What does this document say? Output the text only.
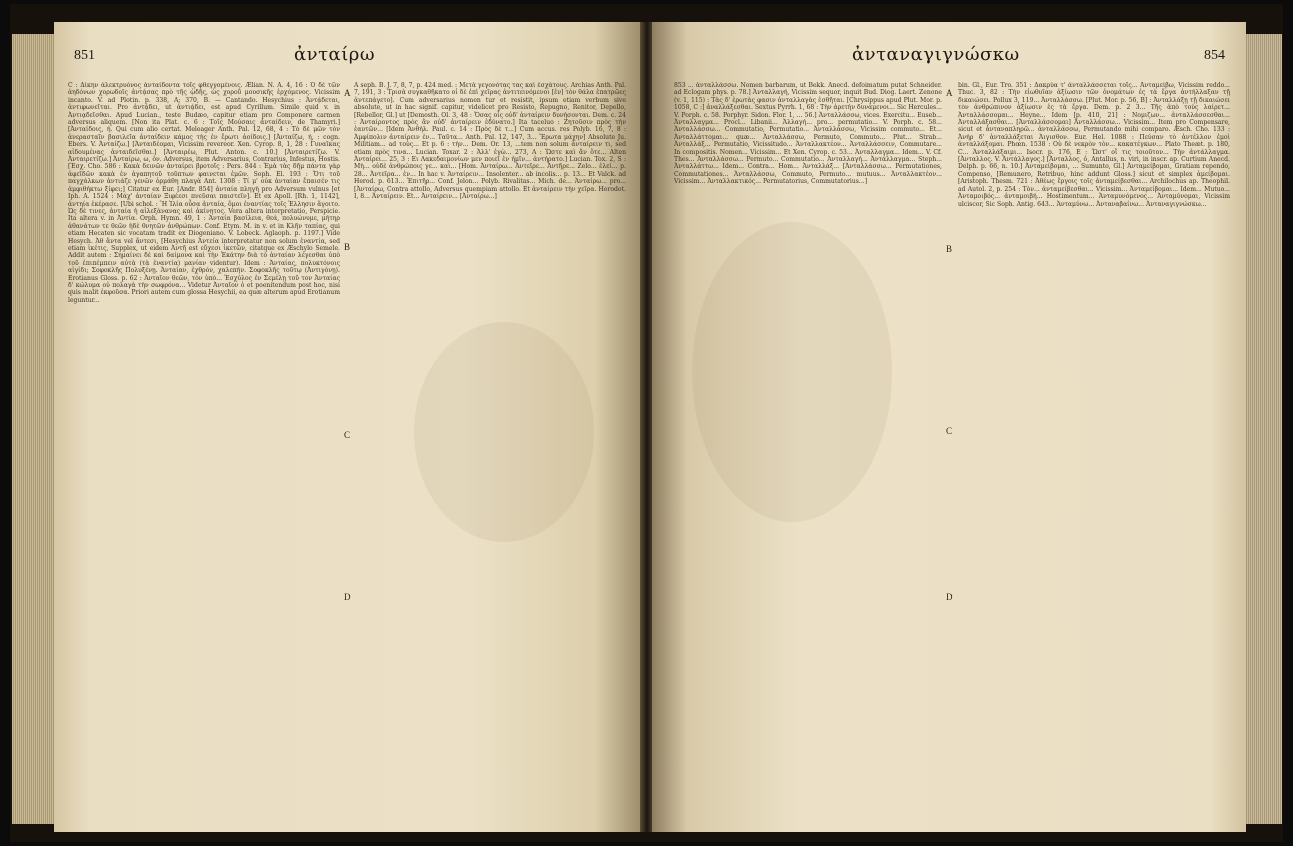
851	ἀνταίρω

C : Δίκην ἀλεκτρυόνος ἀνταίδοντα τοῖς φθεγγομένοις. Ælian. N. A. 4, 16 : Ὁ δὲ τῶν ἀηδόνων χορωδοῖς ἀντᾴσας πρὸ τῆς ᾠδῆς, ὡς χοροῦ μουσικῆς ἐρχόμενος. Vicissim incanto. V. ad Plotin. p. 338, A; 370, B. — Cantando. Hesychius : Ἀντᾴδεται, ἀντιφωνεῖται. Pro ἀντᾴδει, ut ἀντιᾴδει, est apud Cyrillum. Simile quid v. in Ἀντιᾳδεῖσθαι. Apud Lucian., teste Budæo, capitur etiam pro Componere carmen adversus aliquem. [Non ita Plat. c. 6 : Τοῖς Μούσαις ἀνταίδειν, de Thamyri.] [Ἀνταίδοις, ή. Qui cum alio certat. Meleager Anth. Pal. 12, 68, 4 : Τὸ δὲ μῶν τὸν ἀνερασταῖν βασιλεῖα ἀνταίδειν κάμος τὴς ἐν ἔρωτι ἀοίδοις.] [Ἀνταίζω, ή, : cogn. Ebers. V. Ἀνταίζω.] [Ἀνταιδέομαι, Vicissim revereor. Xen. Cyrop. 8, 1, 28 : Γυναῖκας αἰδουμένας ἀνταιδεῖσθαι.] [Ἀνταιρέω, Plut. Anton. c. 10.] [Ἀνταιρετίζω. V. Ἀνταιρετίζω.] Ἀνταίρω, ω, ὁν. Adversus, item Adversarius, Contrarius, Infestus, Hostis. [Ἐσχ. Cho. 586 : Κακὰ δεινῶν ἀνταίρει βροτοῖς : Pers. 844 : Ἐμὰ τὰς δῆμ πάντα γὰρ ἀφεῖδῶν κακὰ ἐν ἀγαπητοῦ τοῦπτων φαινεται ἐμῶν. Soph. El. 193 : Ὅτι τοῦ παγχάλκων ἀντιάζε γενῶν ὁρμάθη πλαγὰ Ant. 1308 : Τί μ' οὐκ ἀνταίαν ἔπαισέν τις ἀμφιθήκτω ξίφει;] Citatur ex Eur. [Andr. 854] ἀνταία πληγὴ pro Adversum vulnus [et Iph. A. 1524 : Μάχ' ἀνταίαν Ξιφέεσι πνεῦσαι παιστεῖν]. Et ex Apoll. [Rh. 1, 1142], ἀντηία ἐκέρασε. [Ubi schol. : Ἢ Ἰλία οὖσα ἀνταία, ὅμοι ἐναντίας τοῖς Ἑλλησιν ἄγοιτο. Ὡς δὲ τινες, ἀνταία ἡ αἰλεξὰνανας καὶ ἀκίνητος. Vera altera interpretatio, Perspicie. Ita altera v. in Ἀντία. Orph. Hymn. 49, 1 : Ἀνταία βασίλεια, θεά, πολυώνυμε, μήτηρ ἀθανάτων τε θεῶν ἠδὲ θνητῶν ἀνθρώπων. Conf. Etym. M. in v. et in Κλῆν ταπίας, qui etiam Hecaten sic vocatam tradit ex Diogeniano. V. Lobeck. Aglaoph. p. 1197.] Vide Hesych. Ἀθ ἄντα vel ἄντεσι, [Hesychius Ἀντεία interpretatur non solum ἐναντία, sed etiam ἱκέτις, Supplex, ut eidem Ἀντῆ est εὔχεσι ἱκετῶν, citatque ex Æschylo Semele. Addit autem : Σημαίνει δὲ καὶ δαίμονα καὶ τὴν Ἑκάτην διὰ τὸ ἀνταίαν λέγεσθαι ὑπὸ τοῦ ἐπιπέμπειν αὐτὰ (τὰ ἐναντία) μανίαν videntur). Idem : Ἀνταίας, πολυκτόνοις αἰγίδι; Σοφοκλῆς Πολυξένῃ. Ἀνταίαν, ἐχθρόν, χαλεπήν. Σοφοκλῆς τοῦτῳ (Ἀντιγόνῃ). Erotianus Gloss. p. 62 : Ἀνταῖον θεῶν, τὸν ὑπὸ... Ἐσχύλος ἐν Σεμέλῃ τοῦ τον Ἀνταίας δ' κώλυμα οὐ πολαγὰ τὴν σωφρόνα... Videtur Ἀνταῖον ὁ et poenitendum post hoc, nisi quis malit ἐκφοῦσα. Priori autem cum glossa Hesychii, ea quæ alterum apud Erotianum leguntur...

A seph. B. J. 7, 8, 7, p. 424 med. : Μετὰ γεγονότας τας καὶ ἐσχάτους. Archias Anth. Pal. 7, 191, 3 : Τρισὰ συγκαθῆκατο οἱ δὲ ἐπὶ χεῖρας ἀντιτεινόμενοι [ἐν] τὸν θάλα ἐπατρῶες ἀντεπάγετο]. Cum adversarius nomen tur et resistit, ipsum etiam verbum sive absolute, ut in hac signif. capitur, videlicet pro Resisto, Repugno, Renitor, Depello, [Rebellor, Gl.] ut [Demosth. Ol. 3, 48 : Ὅσας οἷς οὐδ' ἀνταίρειν δυνήσονται. Dem. c. 24 : Ἀνταίροντος πρὸς ἃν οὐδ' ἀνταίρειν ἐδύνατο.] Ita taceluo : Ζητοῦσιν πρὸς τὴν ἑαυτῶν... [Idem Ἀνθήλ. Paul. c. 14 : Πρὸς δὲ τ...] Cum accus. res Polyb. 16, 7, 8 : Ἀμφίπολιν ἀνταίρειν ἐν... Ταῦτα... Anth. Pal. 12, 147, 3... Ἔρωτα μάχην] Absolute Ju. Militiam... ad τοὺς... Et p. 6 : τὴν... Dem. Or. 13, ...tem non solum ἀνταίρειν τι, sed etiam πρὸς τινα... Lucian. Toxar. 2 : Ἀλλ' ἐγὼ... 273, A : Ὥστε καὶ ἂν ὅτε... Alten Ἀνταίρει... 25, 3 : Ει Λακεδαιμονίων μεν ποιεῖ ἐν ἡμῖν... ἀντήρατο.] Lucian. Tox. 2, S : Μὴ... οὐδὲ ἀνθρώποις γε... καὶ... [Hom. Ἀνταίρω... Ἀντεῖρε... Ἀντῆρε... Zelo... ἐλεί... p. 28... Ἀντεῖρα... ἐν... In hac v. Ἀνταίρειν... Insolenter... ab incolis... p. 13... Et Valck. ad Herod. p. 613... Ἐπιτῆρ... Conf. Jelon... Polyb. Rivalitas... Mich. de... Ἀνταίρω... pro... [Ἀνταίρω, Contra attollo, Adversus quempiam attollo. Et ἀνταίρειν τὴν χεῖρα. Herodot. I, 8... Ἀνταίρειν. Et... Ἀνταίρειν... [Ἀνταίρω...]

A
B
C
D
ἀνταναγιγνώσκω	854

853 ... ἀνταλλάσσω. Nomen barbarum, ut Bekk. Anecd. defoimatum putat Schneider. ad Eclogam phys. p. 78.] Ἀνταλλαγή, Vicissim sequor, inquit Bud. Diog. Laert. Zenone (v. 1, 115) : Τὰς δ' ἐρωτὰς φασιν ἀνταλλαγὰς ἐσθῆται. [Chrysippus apud Plut. Mor. p. 1058, C :] ἀναλλάξεσθαι. Sextus Pyrrh. 1, 68 : Τὴν ἀρετὴν δυνάμενοι... Sic Hercules... V. Porph. c. 58. Porphyr. Sidon. Flor. 1, ... 56.] Ἀνταλλάσσω, vices. Exercitu... Euseb... Ἀνταλλαγμα... Procl... Libanii... Ἀλλαγή... pro... permutatio... V. Porph. c. 58... Ἀνταλλάσσω... Commutatio, Permutatio... Ἀνταλλάσσω, Vicissim commuto... Et... Ἀνταλλάττομαι... quæ... Ἀνταλλάσσω, Permuto, Commuto... Plut... Strab... Ἀνταλλάξ... Permutatio, Vicissitudo... Ἀνταλλακτέον... Ἀνταλλάσσειν, Commutare... In compositis. Nomen... Vicissim... Et Xen. Cyrop. c. 53... Ἀνταλλαγμα... Idem... V. Cf. Thes... Ἀνταλλάσσω... Permuto... Commutatio... Ἀνταλλαγή... Ἀντάλλαγμα... Steph... Ἀνταλλάττω... Idem... Contra... Hom... Ἀνταλλάξ... [Ἀνταλλάσσω... Permutationes, Commutationes... Ἀνταλλάσσω, Commuto, Permuto... mutuus... Ἀνταλλακτέον... Vicissim... Ἀνταλλακτικός... Permutatorius, Commutatorius...]

bin. Gl., Eur. Tro. 351 : Δακρύα τ' ἀνταλλάσσεται τοῖς... Ἀνταμείβω, Vicissim reddo... Thuc. 3, 82 : Τὴν εἰωθυῖαν ἀξίωσιν τῶν ὀνομάτων ἐς τὰ ἔργα ἀντήλλαξαν τῇ δικαιώσει. Pollux 3, 119... Ἀνταλλάσσω. [Plut. Mor. p. 56, B] : Ἀνταλλάξῃ τῇ δικαιώσει τὸν ἀνθρώπινον ἀξίωσιν ἐς τὰ ἔργα. Dem. p. 2 3... Τῆς ἀπὸ τούς λαίρετ... Ἀνταλλάσσομαι... Heyne... Idem [p. 410, 21] : Νομιζων... ἀνταλλάσσεσθαι... Ἀνταλλάξασθαι... [Ἀνταλλάσσομαι] Ἀνταλλάσσω... Vicissim... Item pro Compensare, sicut et ἀνταναπληρῶ... ἀνταλλάσσω, Permutando mihi comparo. Æsch. Cho. 133 : Ἀνήρ δ' ἀνταλλάξεται Ἀιγισθον. Eur. Hel. 1088 : Πεύσαν τὸ ἀντέλλον ἐμοὶ ἀνταλλάξομαι. Phœn. 1538 : Οὐ δὲ νεκρὸν τὸν... κακατέγκων... Plato Theæt. p. 180, C... Ἀνταλλάξαιμι... Isocr. p. 176, E : Ὥστ' οἴ τις τοιοῦτον... Τὴν ἀντάλλαγμα. [Ἀνταλλος. V. Ἀντάλλαγος.] [Ἀνταλλος, ὁ, Antallus, n. viri, in inscr. ap. Curtium Anecd. Delph. p. 66, n. 10.] Ἀνταμείβομαι, ... Sumunto, Gl.] Ἀνταμείβομαι, Gratiam rependo, Compenso, [Remunero, Retribuo, hinc addunt Gloss.] sicut et simplex ἀμείβομαι. [Aristoph. Thesm. 721 : Ἀθέως ἔργοις τοῖς ἀνταμείβεσθαι... Archilochus ap. Theophil. ad Autol. 2, p. 254 : Τὸν... ἀνταμείβεσθαι... Vicissim... Ἀνταμείβομαι... Idem... Mutuo... Ἀνταμοιβός... ἀνταμοιβή... Hostimentum... Ἀνταμυνόμενος... Ἀνταμύνομαι, Vicissim ulciscor, Sic Soph. Antig. 643... Ἀνταμύνω... Ἀνταναβαίνω... Ἀνταναγιγνώσκω...

A
B
C
D
